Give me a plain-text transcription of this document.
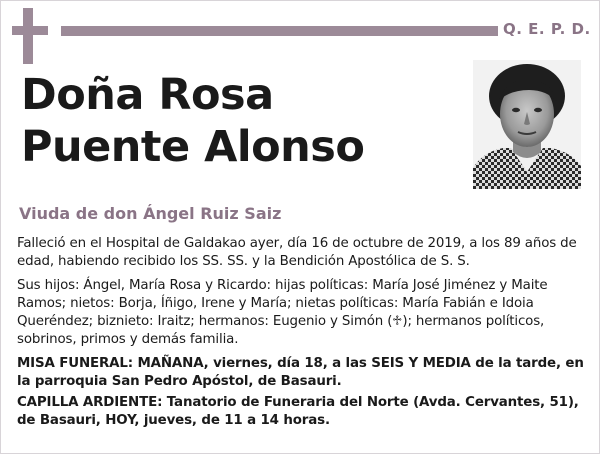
Q. E. P. D.
Doña Rosa
Puente Alonso
Viuda de don Ángel Ruiz Saiz

Falleció en el Hospital de Galdakao ayer, día 16 de octubre de 2019, a los 89 años de edad, habiendo recibido los SS. SS. y la Bendición Apostólica de S. S.

Sus hijos: Ángel, María Rosa y Ricardo: hijas políticas: María José Jiménez y Maite Ramos; nietos: Borja, Íñigo, Irene y María; nietas políticas: María Fabián e Idoia Queréndez; biznieto: Iraitz; hermanos: Eugenio y Simón (♱); hermanos políticos, sobrinos, primos y demás familia.

MISA FUNERAL: MAÑANA, viernes, día 18, a las SEIS Y MEDIA de la tarde, en la parroquia San Pedro Apóstol, de Basauri.

CAPILLA ARDIENTE: Tanatorio de Funeraria del Norte (Avda. Cervantes, 51), de Basauri, HOY, jueves, de 11 a 14 horas.
